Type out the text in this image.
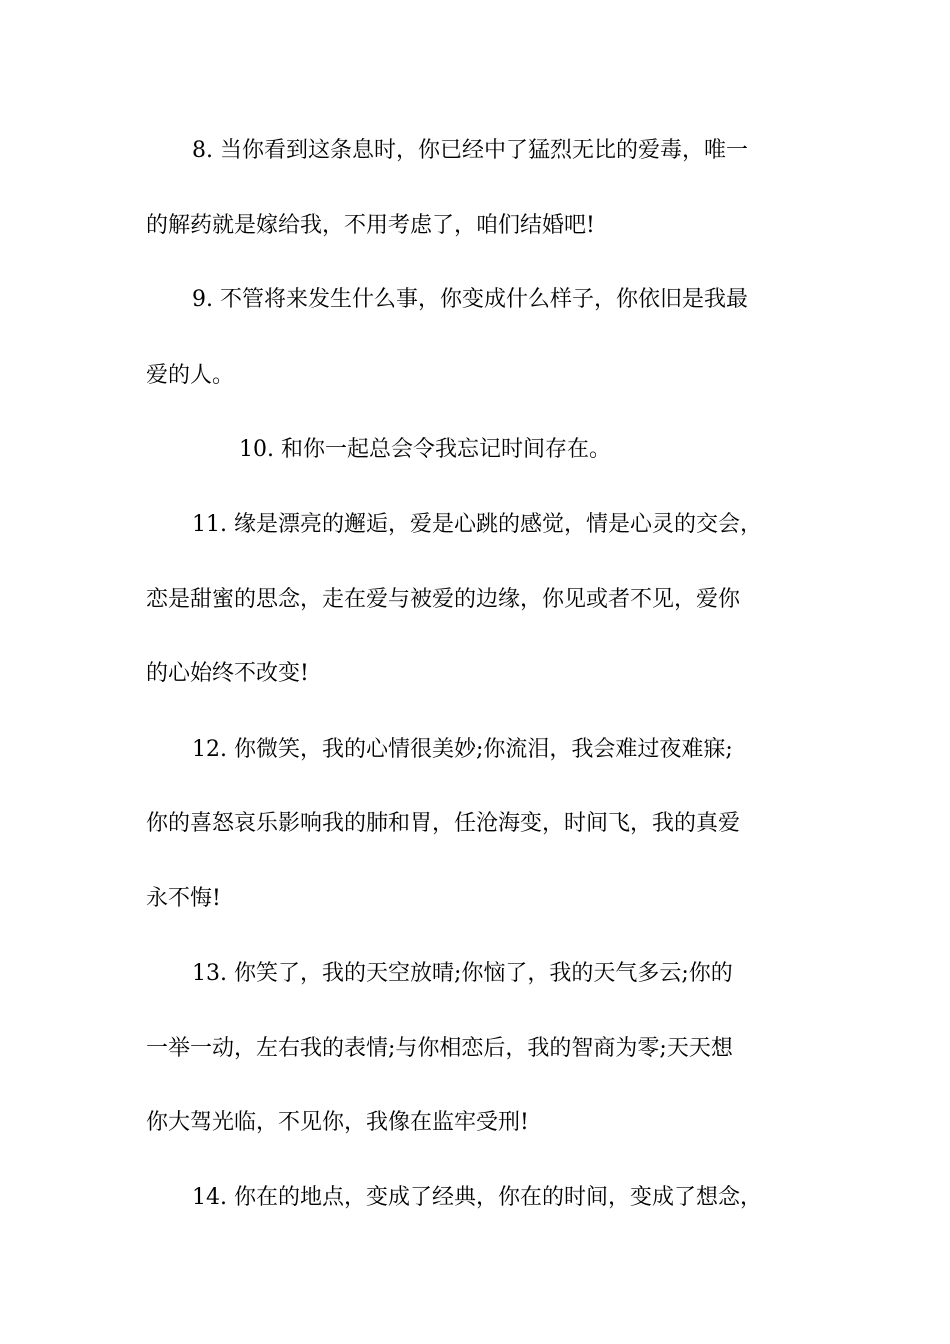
8. 当你看到这条息时，你已经中了猛烈无比的爱毒，唯一
的解药就是嫁给我，不用考虑了，咱们结婚吧!
9. 不管将来发生什么事，你变成什么样子，你依旧是我最
爱的人。
10. 和你一起总会令我忘记时间存在。
11. 缘是漂亮的邂逅，爱是心跳的感觉，情是心灵的交会，
恋是甜蜜的思念，走在爱与被爱的边缘，你见或者不见，爱你
的心始终不改变!
12. 你微笑，我的心情很美妙;你流泪，我会难过夜难寐;
你的喜怒哀乐影响我的肺和胃，任沧海变，时间飞，我的真爱
永不悔!
13. 你笑了，我的天空放晴;你恼了，我的天气多云;你的
一举一动，左右我的表情;与你相恋后，我的智商为零;天天想
你大驾光临，不见你，我像在监牢受刑!
14. 你在的地点，变成了经典，你在的时间，变成了想念，
